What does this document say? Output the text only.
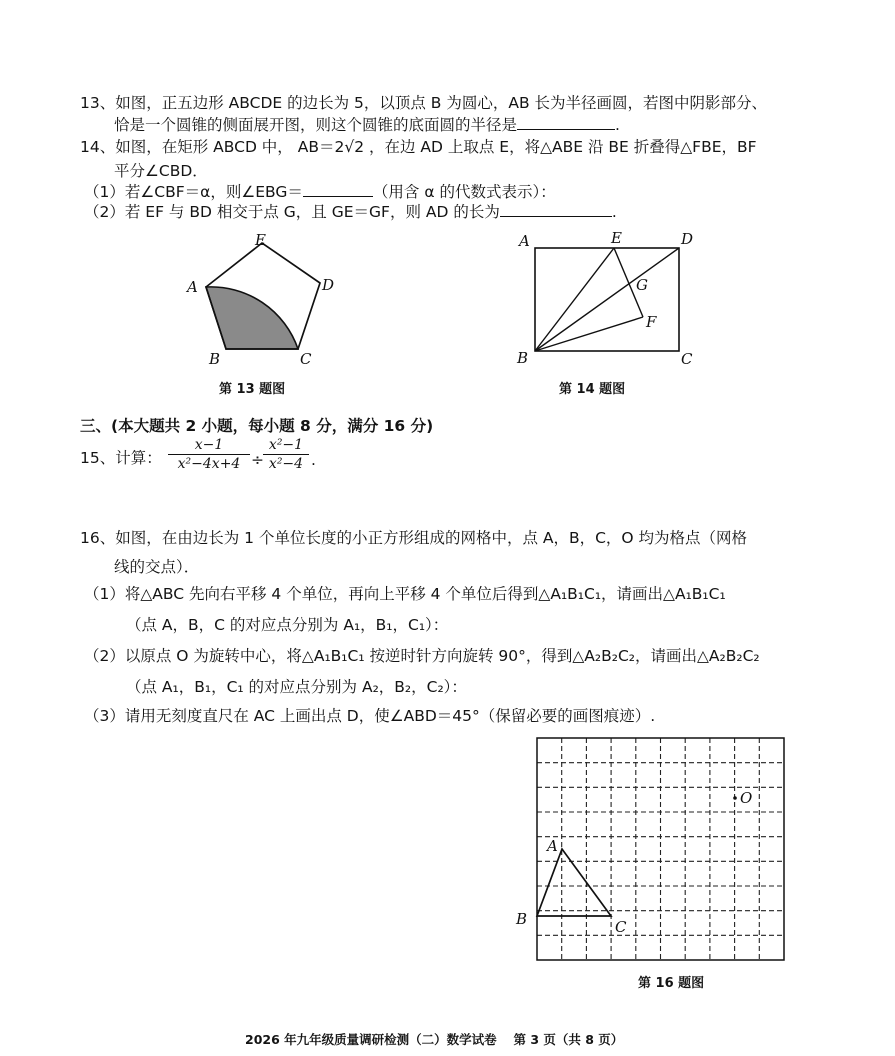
13、如图，正五边形 ABCDE 的边长为 5，以顶点 B 为圆心，AB 长为半径画圆，若图中阴影部分、
恰是一个圆锥的侧面展开图，则这个圆锥的底面圆的半径是	.
14、如图，在矩形 ABCD 中， AB＝2√2 ，在边 AD 上取点 E，将△ABE 沿 BE 折叠得△FBE，BF
平分∠CBD．
（1）若∠CBF＝α，则∠EBG＝	（用含 α 的代数式表示）：
（2）若 EF 与 BD 相交于点 G，且 GE＝GF，则 AD 的长为	.
A
B	C
D
E
第 13 题图
A	E	D
G
F
B	C
第 14 题图
三、(本大题共 2 小题，每小题 8 分，满分 16 分)
15、计算： $\frac{x-1}{\text{x²−4x+4}} \div \frac{\text{x²−1}}{\text{x²−4}}$ .
16、如图，在由边长为 1 个单位长度的小正方形组成的网格中，点 A，B，C，O 均为格点（网格
线的交点）．
（1）将△ABC 先向右平移 4 个单位，再向上平移 4 个单位后得到△A₁B₁C₁，请画出△A₁B₁C₁
（点 A，B，C 的对应点分别为 A₁，B₁，C₁）：
（2）以原点 O 为旋转中心，将△A₁B₁C₁ 按逆时针方向旋转 90°，得到△A₂B₂C₂，请画出△A₂B₂C₂
（点 A₁，B₁，C₁ 的对应点分别为 A₂，B₂，C₂）：
（3）请用无刻度直尺在 AC 上画出点 D，使∠ABD＝45°（保留必要的画图痕迹）.
A
B	C
O
第 16 题图
2026 年九年级质量调研检测（二）数学试卷　 第 3 页（共 8 页）
